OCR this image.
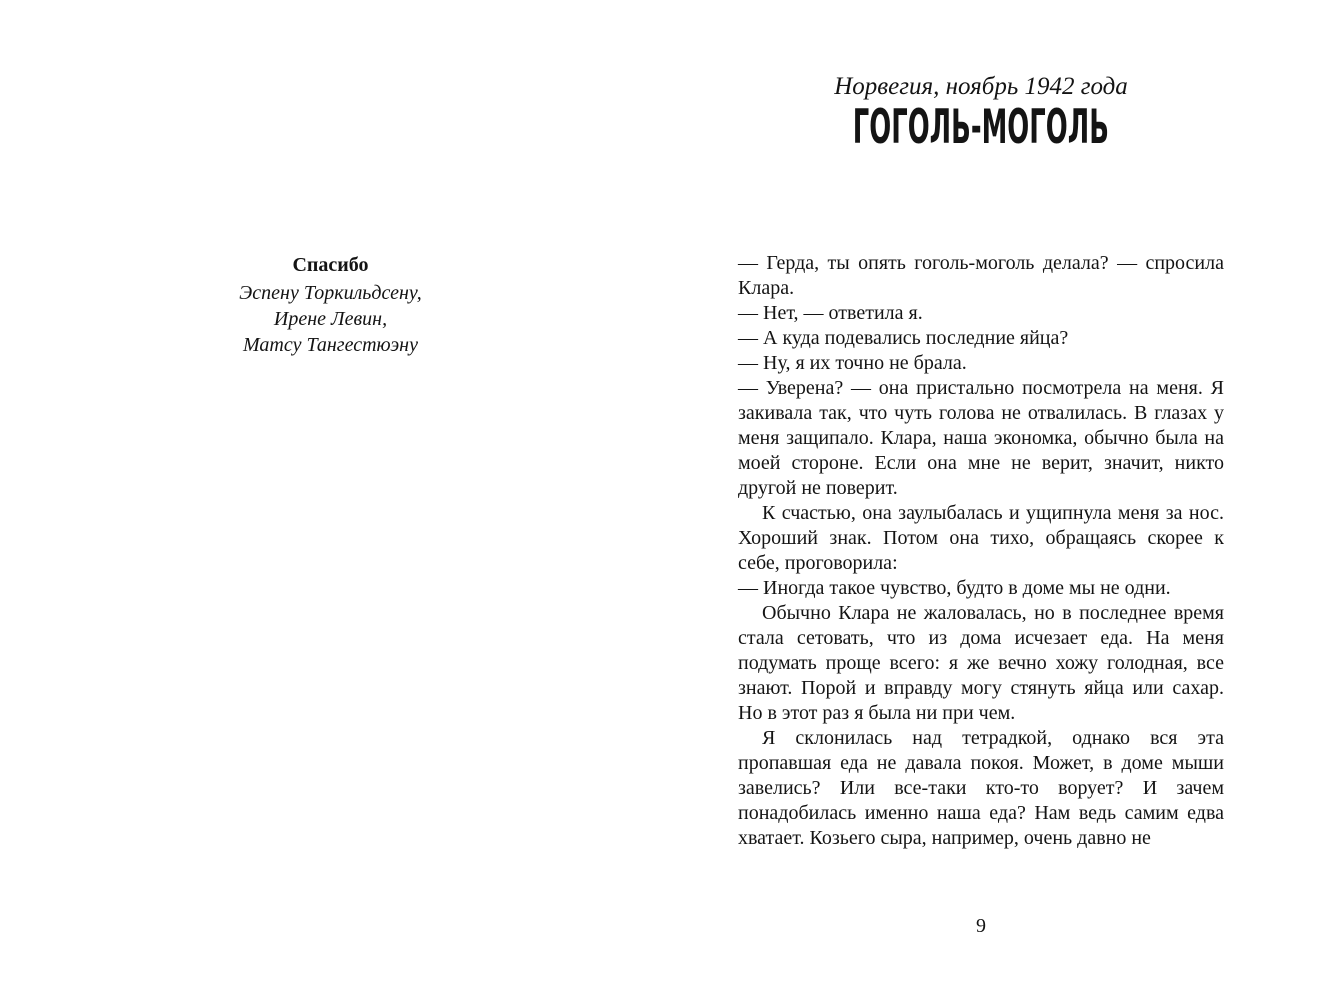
Спасибо

Эспену Торкильдсену,

Ирене Левин,

Матсу Тангестюэну

Норвегия, ноябрь 1942 года
ГОГОЛЬ-МОГОЛЬ

— Герда, ты опять гоголь-моголь делала? — спросила Клара.

— Нет, — ответила я.

— А куда подевались последние яйца?

— Ну, я их точно не брала.

— Уверена? — она пристально посмотрела на меня. Я закивала так, что чуть голова не отвалилась. В глазах у меня защипало. Клара, наша экономка, обычно была на моей стороне. Если она мне не верит, значит, никто другой не поверит.

К счастью, она заулыбалась и ущипнула меня за нос. Хороший знак. Потом она тихо, обращаясь скорее к себе, проговорила:

— Иногда такое чувство, будто в доме мы не одни.

Обычно Клара не жаловалась, но в последнее время стала сетовать, что из дома исчезает еда. На меня подумать проще всего: я же вечно хожу голодная, все знают. Порой и вправду могу стянуть яйца или сахар. Но в этот раз я была ни при чем.

Я склонилась над тетрадкой, однако вся эта пропавшая еда не давала покоя. Может, в доме мыши завелись? Или все-таки кто-то ворует? И зачем понадобилась именно наша еда? Нам ведь самим едва хватает. Козьего сыра, например, очень давно не

9
